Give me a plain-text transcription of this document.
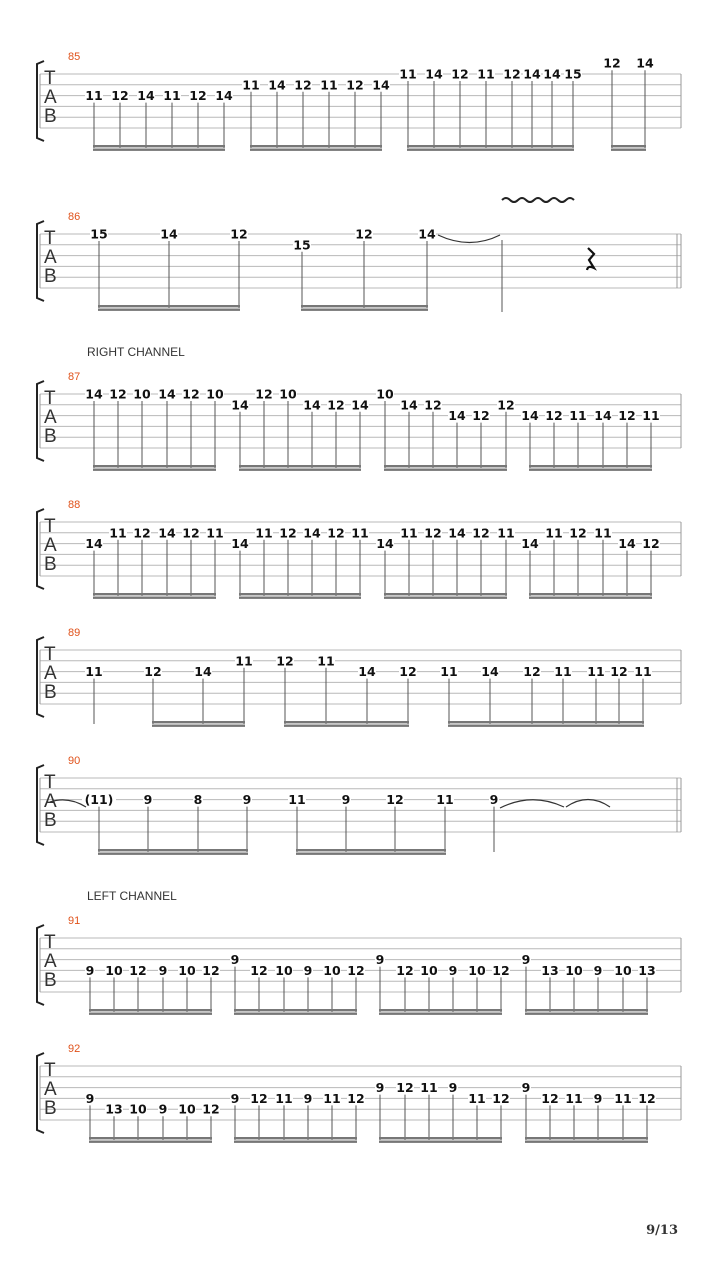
RIGHT CHANNEL
LEFT CHANNEL
9/13
T
A
B
85
11 12 14 11 12 14
11 14 12 11 12 14
11 14 12 11 12 14 14 15
12 14
T
A
B
86
15	14	12
15
12	14
T
A
B
87
14 12 10 14 12 10
14
12 10
14 12 14
10
14 12
14 12
12
14 12 11 14 12 11
T
A
B
88
14
11 12 14 12 11
14
11 12 14 12 11
14
11 12 14 12 11
14
11 12 11
14 12
T
A
B
89
11	12	14
11 12 11
14 12 11 14 12 11 11 12 11
T
A
B
90
(11) 9	8	9	11	9	12	11	9
T
A
B
91
9 10 12 9 10 12
9
12 10 9 10 12
9
12 10 9 10 12
9
13 10 9 10 13
T
A
B
92
9
13 10 9 10 12
9 12 11 9 11 12
9 12 11 9
11 12
9
12 11 9 11 12
